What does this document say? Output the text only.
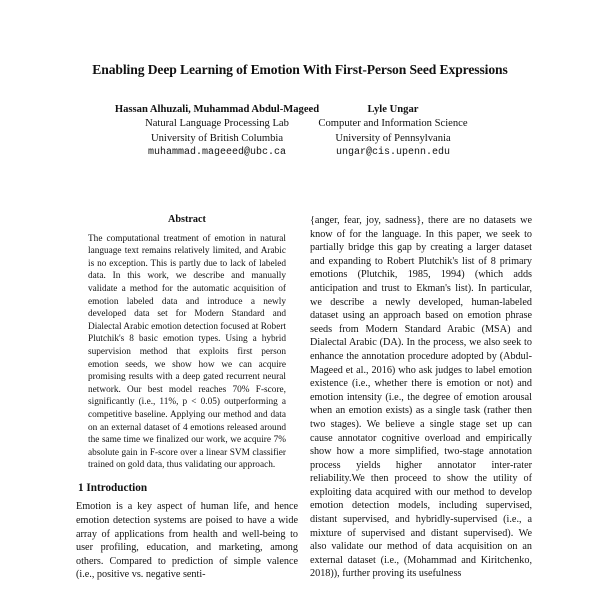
Enabling Deep Learning of Emotion With First-Person Seed Expressions
Hassan Alhuzali, Muhammad Abdul-Mageed
Natural Language Processing Lab
University of British Columbia
muhammad.mageeed@ubc.ca
Lyle Ungar
Computer and Information Science
University of Pennsylvania
ungar@cis.upenn.edu
Abstract

The computational treatment of emotion in natural language text remains relatively limited, and Arabic is no exception. This is partly due to lack of labeled data. In this work, we describe and manually validate a method for the automatic acquisition of emotion labeled data and introduce a newly developed data set for Modern Standard and Dialectal Arabic emotion detection focused at Robert Plutchik's 8 basic emotion types. Using a hybrid supervision method that exploits first person emotion seeds, we show how we can acquire promising results with a deep gated recurrent neural network. Our best model reaches 70% F-score, significantly (i.e., 11%, p < 0.05) outperforming a competitive baseline. Applying our method and data on an external dataset of 4 emotions released around the same time we finalized our work, we acquire 7% absolute gain in F-score over a linear SVM classifier trained on gold data, thus validating our approach.

1 Introduction

Emotion is a key aspect of human life, and hence emotion detection systems are poised to have a wide array of applications from health and well-being to user profiling, education, and marketing, among others. Compared to prediction of simple valence (i.e., positive vs. negative senti-

{anger, fear, joy, sadness}, there are no datasets we know of for the language. In this paper, we seek to partially bridge this gap by creating a larger dataset and expanding to Robert Plutchik's list of 8 primary emotions (Plutchik, 1985, 1994) (which adds anticipation and trust to Ekman's list). In particular, we describe a newly developed, human-labeled dataset using an approach based on emotion phrase seeds from Modern Standard Arabic (MSA) and Dialectal Arabic (DA). In the process, we also seek to enhance the annotation procedure adopted by (Abdul-Mageed et al., 2016) who ask judges to label emotion existence (i.e., whether there is emotion or not) and emotion intensity (i.e., the degree of emotion arousal when an emotion exists) as a single task (rather then two stages). We believe a single stage set up can cause annotator cognitive overload and empirically show how a more simplified, two-stage annotation process yields higher annotator inter-rater reliability.We then proceed to show the utility of exploiting data acquired with our method to develop emotion detection models, including supervised, distant supervised, and hybridly-supervised (i.e., a mixture of supervised and distant supervised). We also validate our method of data acquisition on an external dataset (i.e., (Mohammad and Kiritchenko, 2018)), further proving its usefulness
